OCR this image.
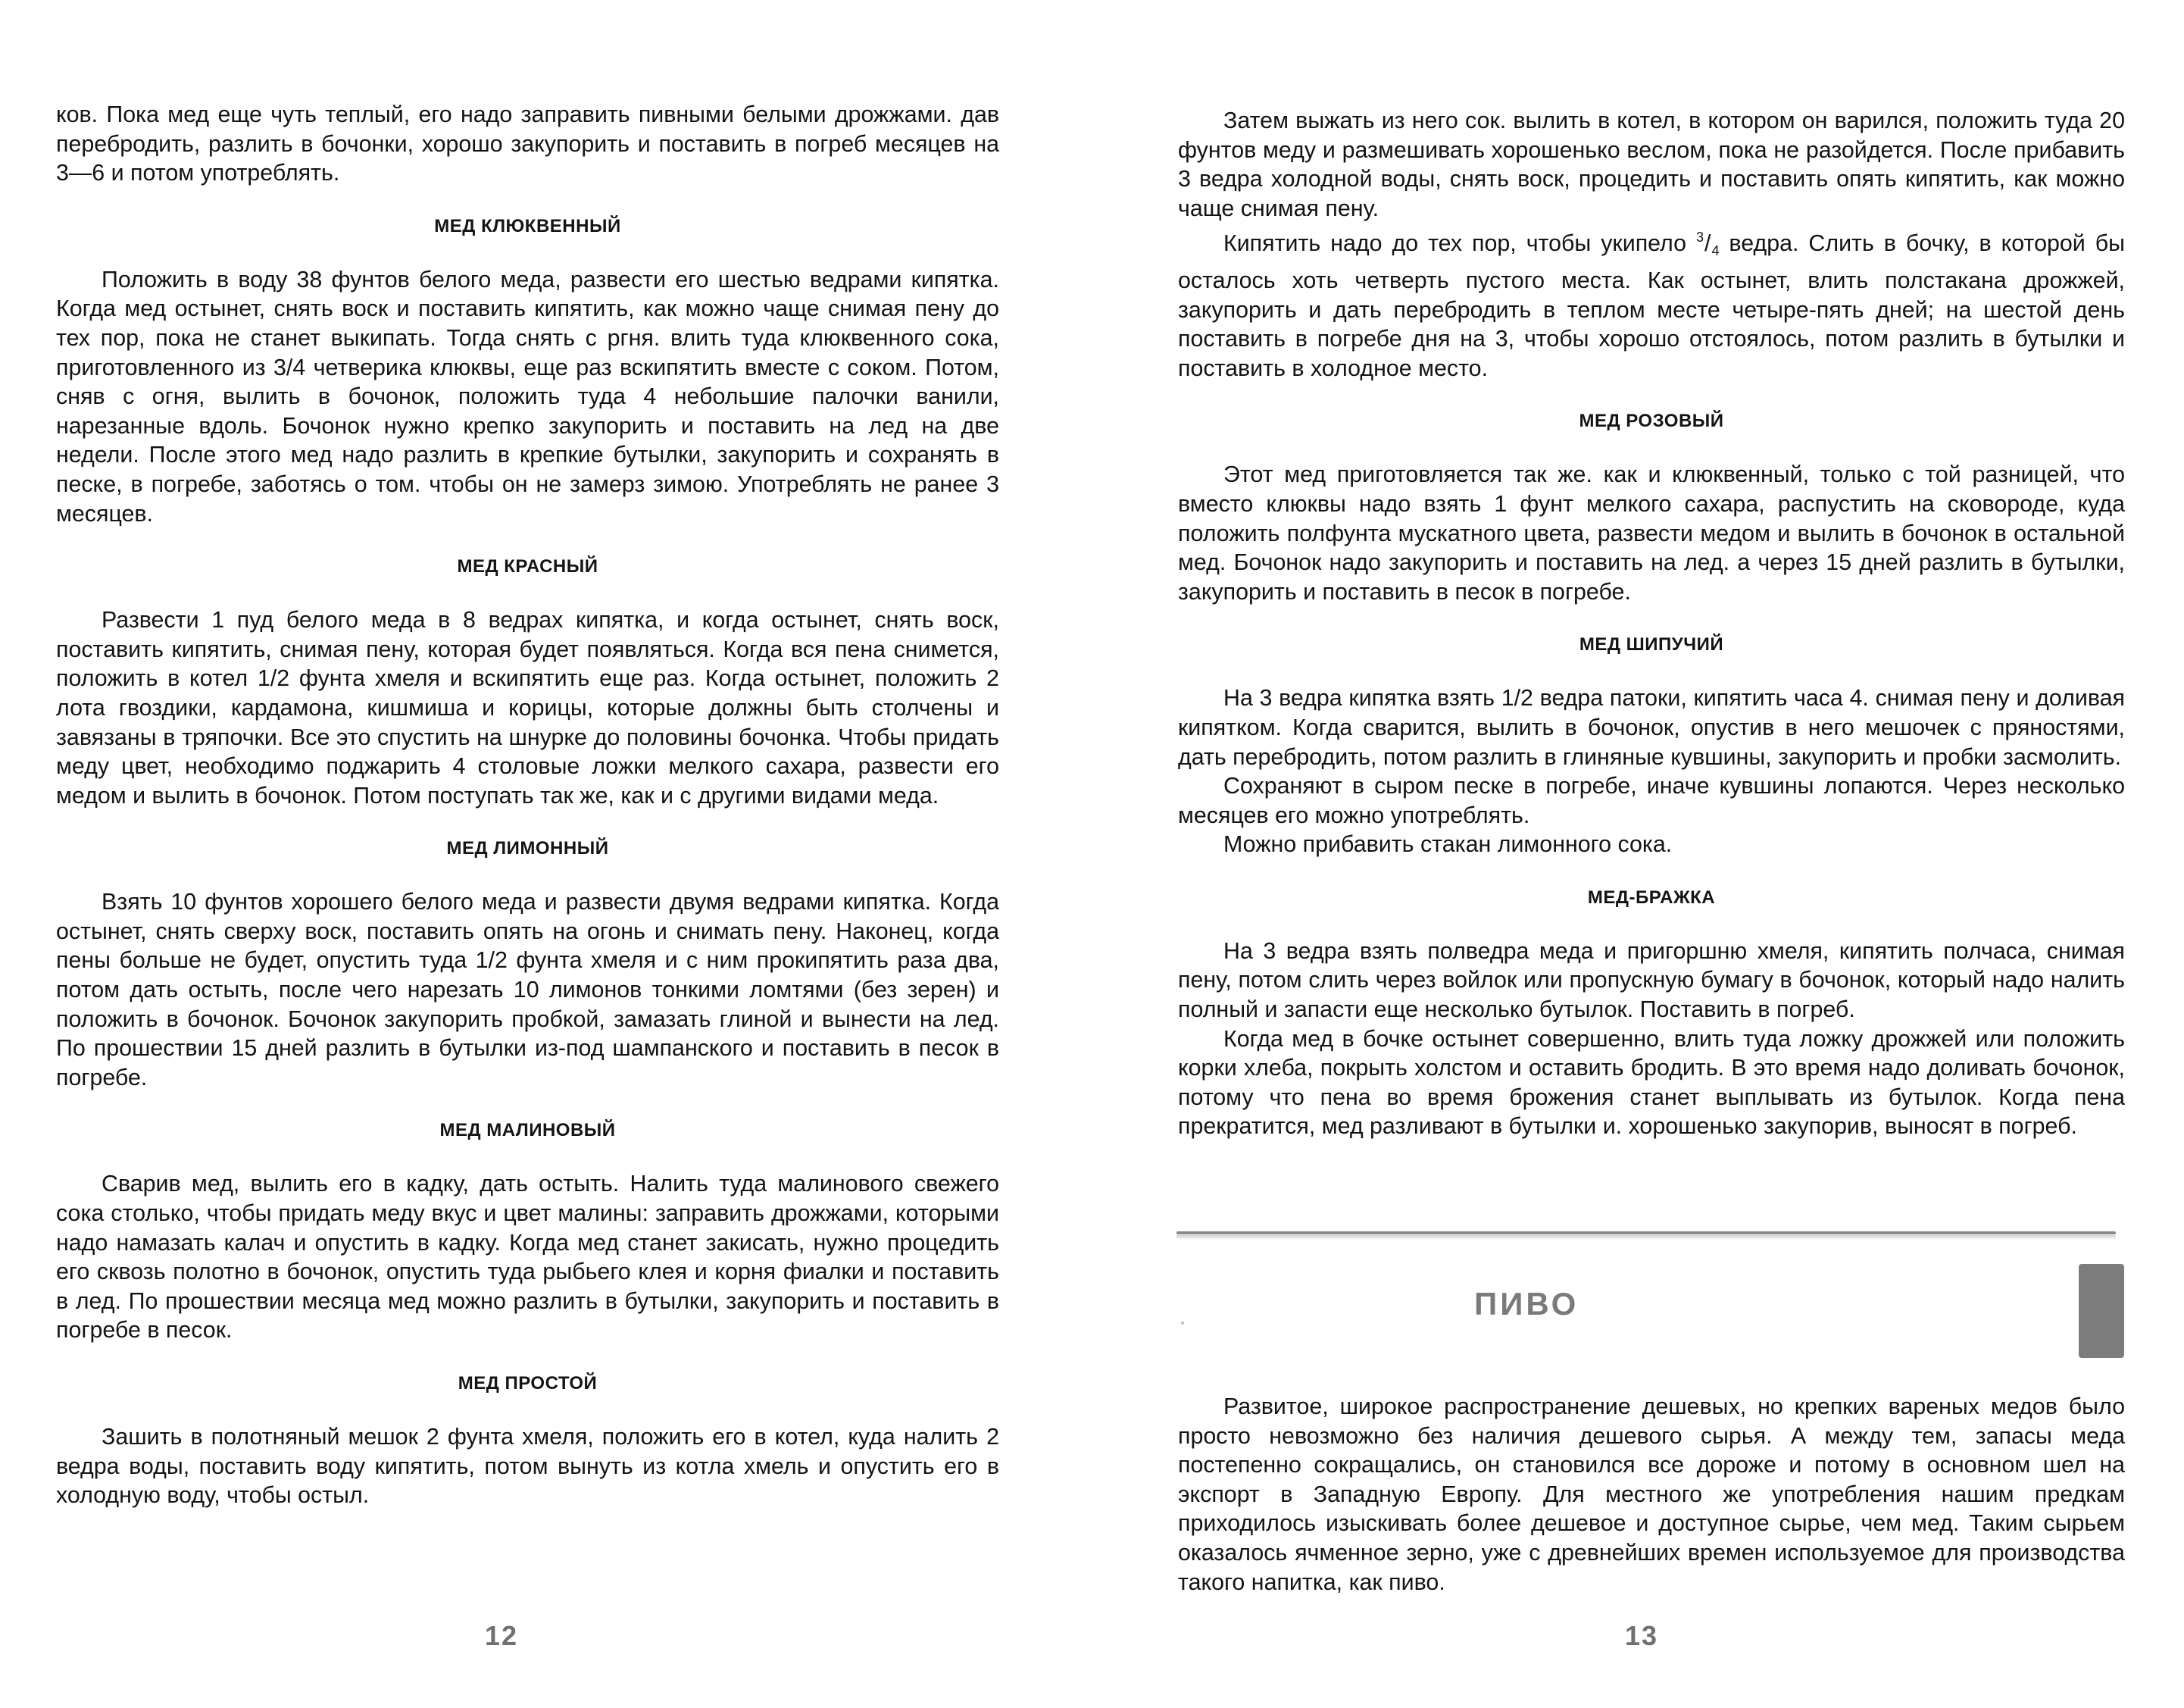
ков. Пока мед еще чуть теплый, его надо заправить пивными белыми дрожжами. дав перебродить, разлить в бочонки, хорошо закупорить и поставить в погреб месяцев на 3—6 и потом употреблять.

МЕД КЛЮКВЕННЫЙ

Положить в воду 38 фунтов белого меда, развести его шестью ведрами кипятка. Когда мед остынет, снять воск и поставить кипятить, как можно чаще снимая пену до тех пор, пока не станет выкипать. Тогда снять с ргня. влить туда клюквенного сока, приготовленного из 3/4 четверика клюквы, еще раз вскипятить вместе с соком. Потом, сняв с огня, вылить в бочонок, положить туда 4 небольшие палочки ванили, нарезанные вдоль. Бочонок нужно крепко закупорить и поставить на лед на две недели. После этого мед надо разлить в крепкие бутылки, закупорить и сохранять в песке, в погребе, заботясь о том. чтобы он не замерз зимою. Употреблять не ранее 3 месяцев.

МЕД КРАСНЫЙ

Развести 1 пуд белого меда в 8 ведрах кипятка, и когда остынет, снять воск, поставить кипятить, снимая пену, которая будет появляться. Когда вся пена снимется, положить в котел 1/2 фунта хмеля и вскипятить еще раз. Когда остынет, положить 2 лота гвоздики, кардамона, кишмиша и корицы, которые должны быть столчены и завязаны в тряпочки. Все это спустить на шнурке до половины бочонка. Чтобы придать меду цвет, необходимо поджарить 4 столовые ложки мелкого сахара, развести его медом и вылить в бочонок. Потом поступать так же, как и с другими видами меда.

МЕД ЛИМОННЫЙ

Взять 10 фунтов хорошего белого меда и развести двумя ведрами кипятка. Когда остынет, снять сверху воск, поставить опять на огонь и снимать пену. Наконец, когда пены больше не будет, опустить туда 1/2 фунта хмеля и с ним прокипятить раза два, потом дать остыть, после чего нарезать 10 лимонов тонкими ломтями (без зерен) и положить в бочонок. Бочонок закупорить пробкой, замазать глиной и вынести на лед. По прошествии 15 дней разлить в бутылки из-под шампанского и поставить в песок в погребе.

МЕД МАЛИНОВЫЙ

Сварив мед, вылить его в кадку, дать остыть. Налить туда малинового свежего сока столько, чтобы придать меду вкус и цвет малины: заправить дрожжами, которыми надо намазать калач и опустить в кадку. Когда мед станет закисать, нужно процедить его сквозь полотно в бочонок, опустить туда рыбьего клея и корня фиалки и поставить в лед. По прошествии месяца мед можно разлить в бутылки, закупорить и поставить в погребе в песок.

МЕД ПРОСТОЙ

Зашить в полотняный мешок 2 фунта хмеля, положить его в котел, куда налить 2 ведра воды, поставить воду кипятить, потом вынуть из котла хмель и опустить его в холодную воду, чтобы остыл.

12

Затем выжать из него сок. вылить в котел, в котором он варился, положить туда 20 фунтов меду и размешивать хорошенько веслом, пока не разойдется. После прибавить 3 ведра холодной воды, снять воск, процедить и поставить опять кипятить, как можно чаще снимая пену.

Кипятить надо до тех пор, чтобы укипело $^3/_4$ ведра. Слить в бочку, в которой бы осталось хоть четверть пустого места. Как остынет, влить полстакана дрожжей, закупорить и дать перебродить в теплом месте четыре-пять дней; на шестой день поставить в погребе дня на 3, чтобы хорошо отстоялось, потом разлить в бутылки и поставить в холодное место.

МЕД РОЗОВЫЙ

Этот мед приготовляется так же. как и клюквенный, только с той разницей, что вместо клюквы надо взять 1 фунт мелкого сахара, распустить на сковороде, куда положить полфунта мускатного цвета, развести медом и вылить в бочонок в остальной мед. Бочонок надо закупорить и поставить на лед. а через 15 дней разлить в бутылки, закупорить и поставить в песок в погребе.

МЕД ШИПУЧИЙ

На 3 ведра кипятка взять 1/2 ведра патоки, кипятить часа 4. снимая пену и доливая кипятком. Когда сварится, вылить в бочонок, опустив в него мешочек с пряностями, дать перебродить, потом разлить в глиняные кувшины, закупорить и пробки засмолить.

Сохраняют в сыром песке в погребе, иначе кувшины лопаются. Через несколько месяцев его можно употреблять.

Можно прибавить стакан лимонного сока.

МЕД-БРАЖКА

На 3 ведра взять полведра меда и пригоршню хмеля, кипятить полчаса, снимая пену, потом слить через войлок или пропускную бумагу в бочонок, который надо налить полный и запасти еще несколько бутылок. Поставить в погреб.

Когда мед в бочке остынет совершенно, влить туда ложку дрожжей или положить корки хлеба, покрыть холстом и оставить бродить. В это время надо доливать бочонок, потому что пена во время брожения станет выплывать из бутылок. Когда пена прекратится, мед разливают в бутылки и. хорошенько закупорив, выносят в погреб.

ПИВО

Развитое, широкое распространение дешевых, но крепких вареных медов было просто невозможно без наличия дешевого сырья. А между тем, запасы меда постепенно сокращались, он становился все дороже и потому в основном шел на экспорт в Западную Европу. Для местного же употребления нашим предкам приходилось изыскивать более дешевое и доступное сырье, чем мед. Таким сырьем оказалось ячменное зерно, уже с древнейших времен используемое для производства такого напитка, как пиво.

13
